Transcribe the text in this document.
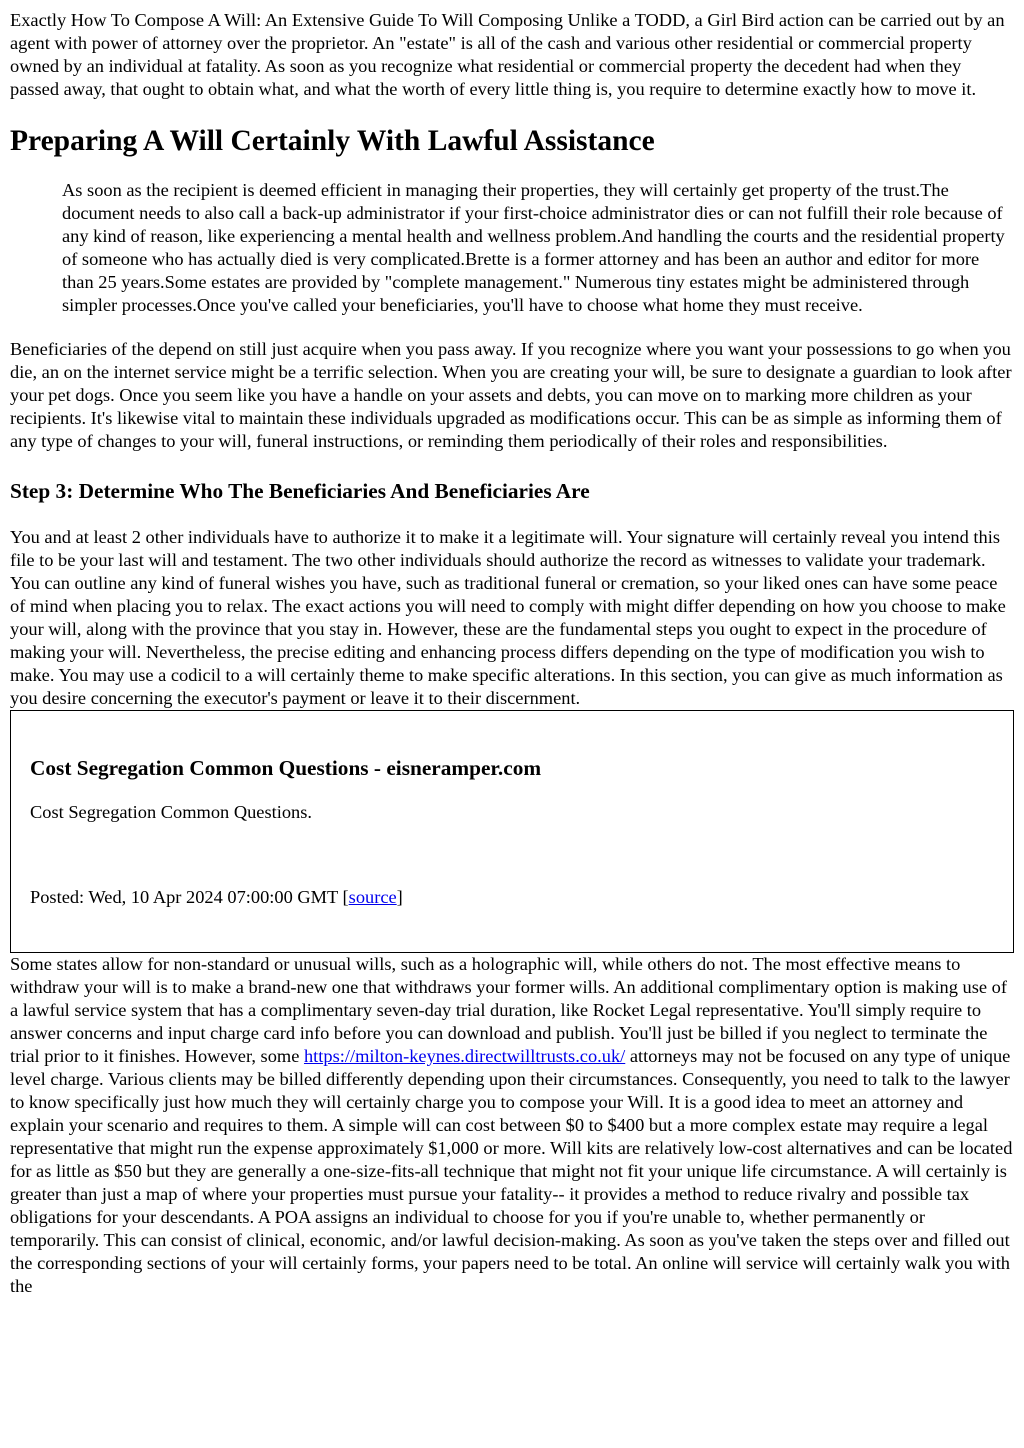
Exactly How To Compose A Will: An Extensive Guide To Will Composing Unlike a TODD, a Girl Bird action can be carried out by an agent with power of attorney over the proprietor. An "estate" is all of the cash and various other residential or commercial property owned by an individual at fatality. As soon as you recognize what residential or commercial property the decedent had when they passed away, that ought to obtain what, and what the worth of every little thing is, you require to determine exactly how to move it.

Preparing A Will Certainly With Lawful Assistance

As soon as the recipient is deemed efficient in managing their properties, they will certainly get property of the trust.The document needs to also call a back-up administrator if your first-choice administrator dies or can not fulfill their role because of any kind of reason, like experiencing a mental health and wellness problem.And handling the courts and the residential property of someone who has actually died is very complicated.Brette is a former attorney and has been an author and editor for more than 25 years.Some estates are provided by "complete management." Numerous tiny estates might be administered through simpler processes.Once you've called your beneficiaries, you'll have to choose what home they must receive.

Beneficiaries of the depend on still just acquire when you pass away. If you recognize where you want your possessions to go when you die, an on the internet service might be a terrific selection. When you are creating your will, be sure to designate a guardian to look after your pet dogs. Once you seem like you have a handle on your assets and debts, you can move on to marking more children as your recipients. It's likewise vital to maintain these individuals upgraded as modifications occur. This can be as simple as informing them of any type of changes to your will, funeral instructions, or reminding them periodically of their roles and responsibilities.

Step 3: Determine Who The Beneficiaries And Beneficiaries Are

You and at least 2 other individuals have to authorize it to make it a legitimate will. Your signature will certainly reveal you intend this file to be your last will and testament. The two other individuals should authorize the record as witnesses to validate your trademark. You can outline any kind of funeral wishes you have, such as traditional funeral or cremation, so your liked ones can have some peace of mind when placing you to relax. The exact actions you will need to comply with might differ depending on how you choose to make your will, along with the province that you stay in. However, these are the fundamental steps you ought to expect in the procedure of making your will. Nevertheless, the precise editing and enhancing process differs depending on the type of modification you wish to make. You may use a codicil to a will certainly theme to make specific alterations. In this section, you can give as much information as you desire concerning the executor's payment or leave it to their discernment.

Cost Segregation Common Questions - eisneramper.com

Cost Segregation Common Questions.

Posted: Wed, 10 Apr 2024 07:00:00 GMT [source]

Some states allow for non-standard or unusual wills, such as a holographic will, while others do not. The most effective means to withdraw your will is to make a brand-new one that withdraws your former wills. An additional complimentary option is making use of a lawful service system that has a complimentary seven-day trial duration, like Rocket Legal representative. You'll simply require to answer concerns and input charge card info before you can download and publish. You'll just be billed if you neglect to terminate the trial prior to it finishes. However, some https://milton-keynes.directwilltrusts.co.uk/ attorneys may not be focused on any type of unique level charge. Various clients may be billed differently depending upon their circumstances. Consequently, you need to talk to the lawyer to know specifically just how much they will certainly charge you to compose your Will. It is a good idea to meet an attorney and explain your scenario and requires to them. A simple will can cost between $0 to $400 but a more complex estate may require a legal representative that might run the expense approximately $1,000 or more. Will kits are relatively low-cost alternatives and can be located for as little as $50 but they are generally a one-size-fits-all technique that might not fit your unique life circumstance. A will certainly is greater than just a map of where your properties must pursue your fatality-- it provides a method to reduce rivalry and possible tax obligations for your descendants. A POA assigns an individual to choose for you if you're unable to, whether permanently or temporarily. This can consist of clinical, economic, and/or lawful decision-making. As soon as you've taken the steps over and filled out the corresponding sections of your will certainly forms, your papers need to be total. An online will service will certainly walk you with the
